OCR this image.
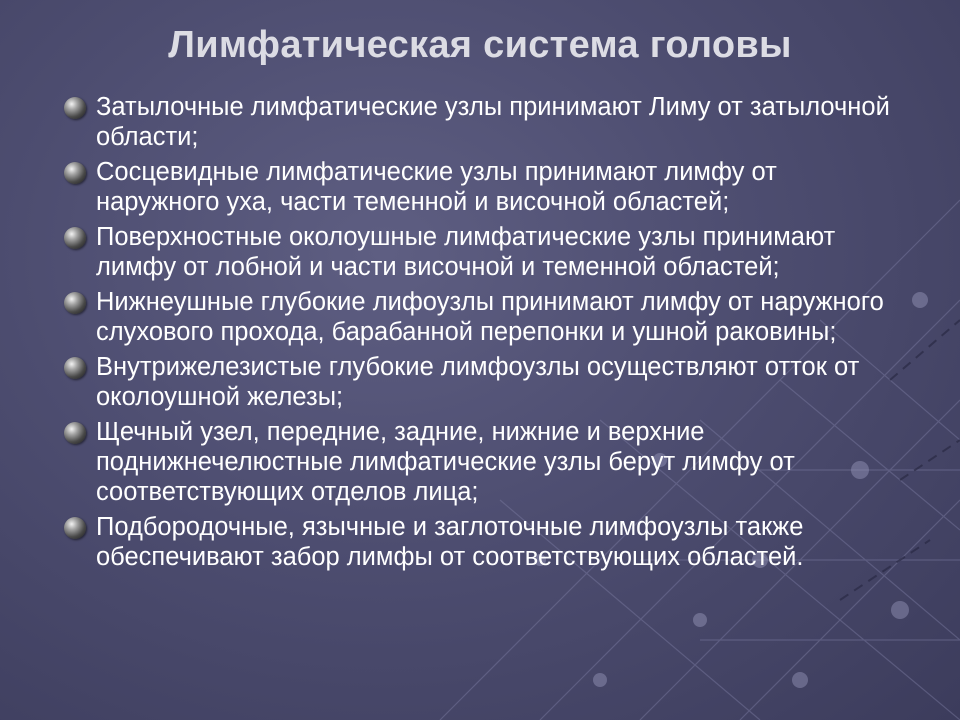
Лимфатическая система головы
Затылочные лимфатические узлы принимают Лиму от затылочной области;
Сосцевидные лимфатические узлы принимают лимфу от наружного уха, части теменной и височной областей;
Поверхностные околоушные лимфатические узлы принимают лимфу от лобной и части височной и теменной областей;
Нижнеушные глубокие лифоузлы принимают лимфу от наружного слухового прохода, барабанной перепонки и ушной раковины;
Внутрижелезистые глубокие лимфоузлы осуществляют отток от околоушной железы;
Щечный узел, передние, задние, нижние и верхние поднижнечелюстные лимфатические узлы берут лимфу от соответствующих отделов лица;
Подбородочные, язычные и заглоточные лимфоузлы также обеспечивают забор лимфы от соответствующих областей.
